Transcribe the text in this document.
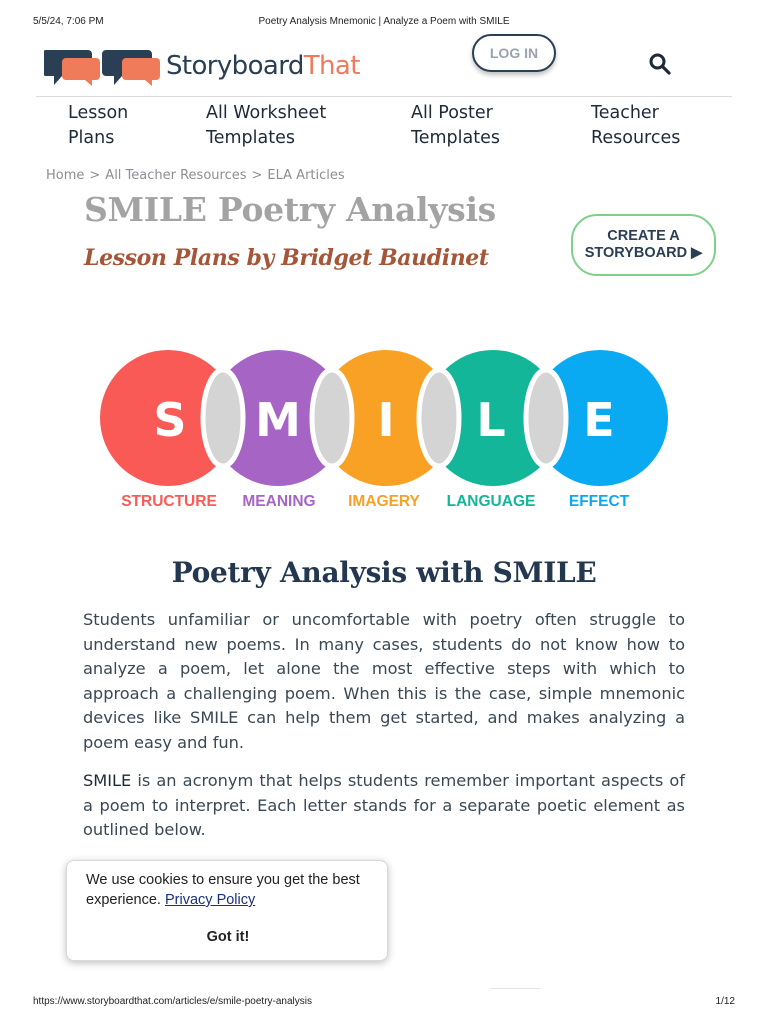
5/5/24, 7:06 PM	Poetry Analysis Mnemonic | Analyze a Poem with SMILE
StoryboardThat	LOG IN
Lesson
Plans
All Worksheet
Templates
All Poster
Templates
Teacher
Resources
Home > All Teacher Resources > ELA Articles
SMILE Poetry Analysis
Lesson Plans by Bridget Baudinet
CREATE A
STORYBOARD ▶
S M I L E
STRUCTURE MEANING IMAGERY LANGUAGE EFFECT
Poetry Analysis with SMILE
Students unfamiliar or uncomfortable with poetry often struggle to understand new poems. In many cases, students do not know how to analyze a poem, let alone the most effective steps with which to approach a challenging poem. When this is the case, simple mnemonic devices like SMILE can help them get started, and makes analyzing a poem easy and fun.
SMILE is an acronym that helps students remember important aspects of a poem to interpret. Each letter stands for a separate poetic element as outlined below.
We use cookies to ensure you get the best experience. Privacy Policy
Got it!
https://www.storyboardthat.com/articles/e/smile-poetry-analysis	1/12
